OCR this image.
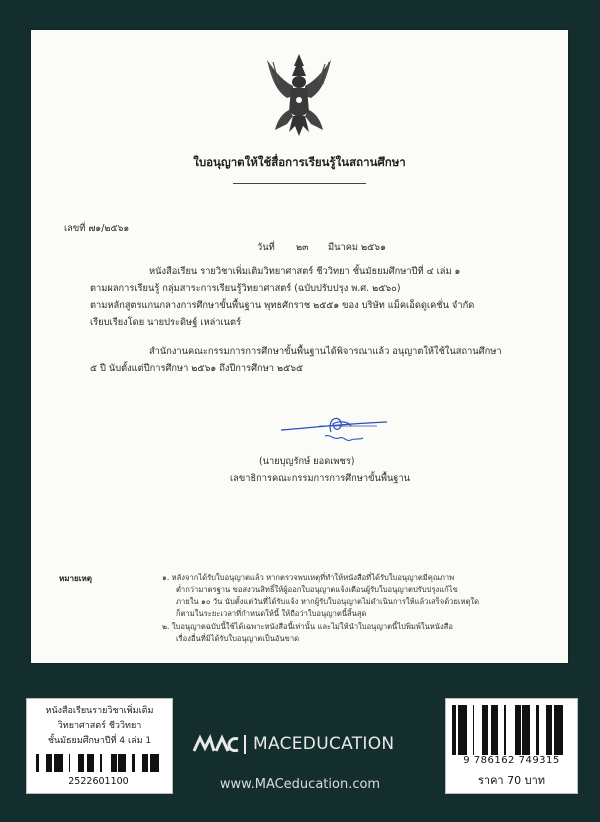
ใบอนุญาตให้ใช้สื่อการเรียนรู้ในสถานศึกษา
เลขที่ ๗๑/๒๕๖๑
วันที่ ๒๓ มีนาคม ๒๕๖๑
หนังสือเรียน รายวิชาเพิ่มเติมวิทยาศาสตร์ ชีววิทยา ชั้นมัธยมศึกษาปีที่ ๔ เล่ม ๑
ตามผลการเรียนรู้ กลุ่มสาระการเรียนรู้วิทยาศาสตร์ (ฉบับปรับปรุง พ.ศ. ๒๕๖๐)
ตามหลักสูตรแกนกลางการศึกษาขั้นพื้นฐาน พุทธศักราช ๒๕๕๑ ของ บริษัท แม็คเอ็ดดูเคชั่น จำกัด
เรียบเรียงโดย นายประดิษฐ์ เหล่าเนตร์
สำนักงานคณะกรรมการการศึกษาขั้นพื้นฐานได้พิจารณาแล้ว อนุญาตให้ใช้ในสถานศึกษา
๕ ปี นับตั้งแต่ปีการศึกษา ๒๕๖๑ ถึงปีการศึกษา ๒๕๖๕
(นายบุญรักษ์ ยอดเพชร)
เลขาธิการคณะกรรมการการศึกษาขั้นพื้นฐาน
หมายเหตุ	๑. หลังจากได้รับใบอนุญาตแล้ว หากตรวจพบเหตุที่ทำให้หนังสือที่ได้รับใบอนุญาตมีคุณภาพ
ต่ำกว่ามาตรฐาน ขอสงวนสิทธิ์ให้ผู้ออกใบอนุญาตแจ้งเตือนผู้รับใบอนุญาตปรับปรุงแก้ไข
ภายใน ๑๐ วัน นับตั้งแต่วันที่ได้รับแจ้ง หากผู้รับใบอนุญาตไม่ดำเนินการให้แล้วเสร็จด้วยเหตุใด
ก็ตามในระยะเวลาที่กำหนดให้นี้ ให้ถือว่าใบอนุญาตนี้สิ้นสุด
๒. ใบอนุญาตฉบับนี้ใช้ได้เฉพาะหนังสือนี้เท่านั้น และไม่ให้นำใบอนุญาตนี้ไปพิมพ์ในหนังสือ
เรื่องอื่นที่มิได้รับใบอนุญาตเป็นอันขาด
หนังสือเรียนรายวิชาเพิ่มเติม
วิทยาศาสตร์ ชีววิทยา
ชั้นมัธยมศึกษาปีที่ 4 เล่ม 1
2522601100
MACEDUCATION
www.MACeducation.com
9 786162 749315
ราคา 70 บาท
